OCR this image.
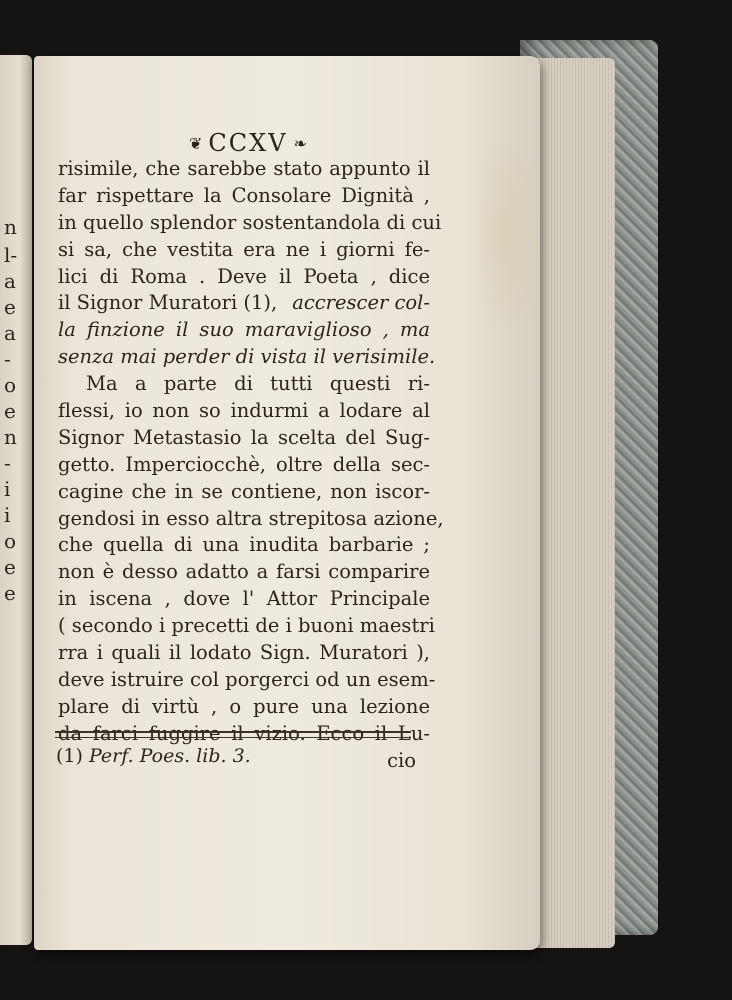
n
l-
a
e
a
-
o
e
n
-
i
i
o
e
e
❦ CCXV ❧
risimile, che sarebbe stato appunto il
far rispettare la Consolare Dignità ,
in quello splendor sostentandola di cui
si sa, che vestita era ne i giorni fe-
lici di Roma . Deve il Poeta , dice
il Signor Muratori (1), accrescer col-
la finzione il suo maraviglioso , ma
senza mai perder di vista il verisimile.
Ma a parte di tutti questi ri-
flessi, io non so indurmi a lodare al
Signor Metastasio la scelta del Sug-
getto. Imperciocchè, oltre della sec-
cagine che in se contiene, non iscor-
gendosi in esso altra strepitosa azione,
che quella di una inudita barbarie ;
non è desso adatto a farsi comparire
in iscena , dove l' Attor Principale
( secondo i precetti de i buoni maestri
rra i quali il lodato Sign. Muratori ),
deve istruire col porgerci od un esem-
plare di virtù , o pure una lezione
da farci fuggire il vizio. Ecco il Lu-
cio
(1) Perf. Poes. lib. 3.
